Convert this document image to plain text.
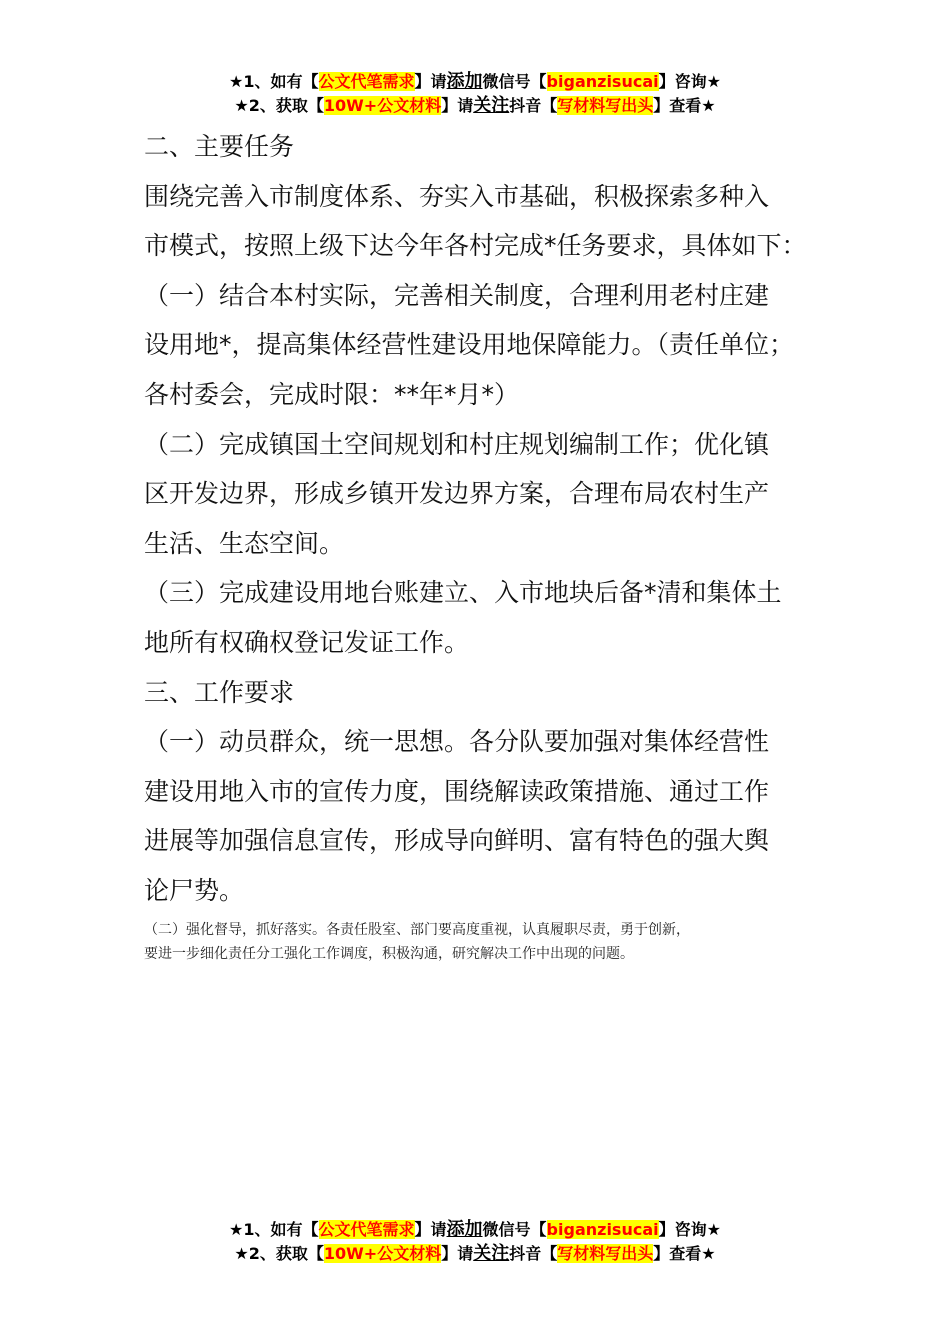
★1、如有【公文代笔需求】请添加微信号【biganzisucai】咨询★
★2、获取【10W+公文材料】请关注抖音【写材料写出头】查看★

二、主要任务

围绕完善入市制度体系、夯实入市基础，积极探索多种入

市模式，按照上级下达今年各村完成*任务要求，具体如下：

（一）结合本村实际，完善相关制度，合理利用老村庄建

设用地*，提高集体经营性建设用地保障能力。（责任单位；

各村委会，完成时限：**年*月*）

（二）完成镇国土空间规划和村庄规划编制工作；优化镇

区开发边界，形成乡镇开发边界方案，合理布局农村生产

生活、生态空间。

（三）完成建设用地台账建立、入市地块后备*清和集体土

地所有权确权登记发证工作。

三、工作要求

（一）动员群众，统一思想。各分队要加强对集体经营性

建设用地入市的宣传力度，围绕解读政策措施、通过工作

进展等加强信息宣传，形成导向鲜明、富有特色的强大舆

论尸势。

（二）强化督导，抓好落实。各责任股室、部门要高度重视，认真履职尽责，勇于创新，

要进一步细化责任分工强化工作调度，积极沟通，研究解决工作中出现的问题。

★1、如有【公文代笔需求】请添加微信号【biganzisucai】咨询★
★2、获取【10W+公文材料】请关注抖音【写材料写出头】查看★
